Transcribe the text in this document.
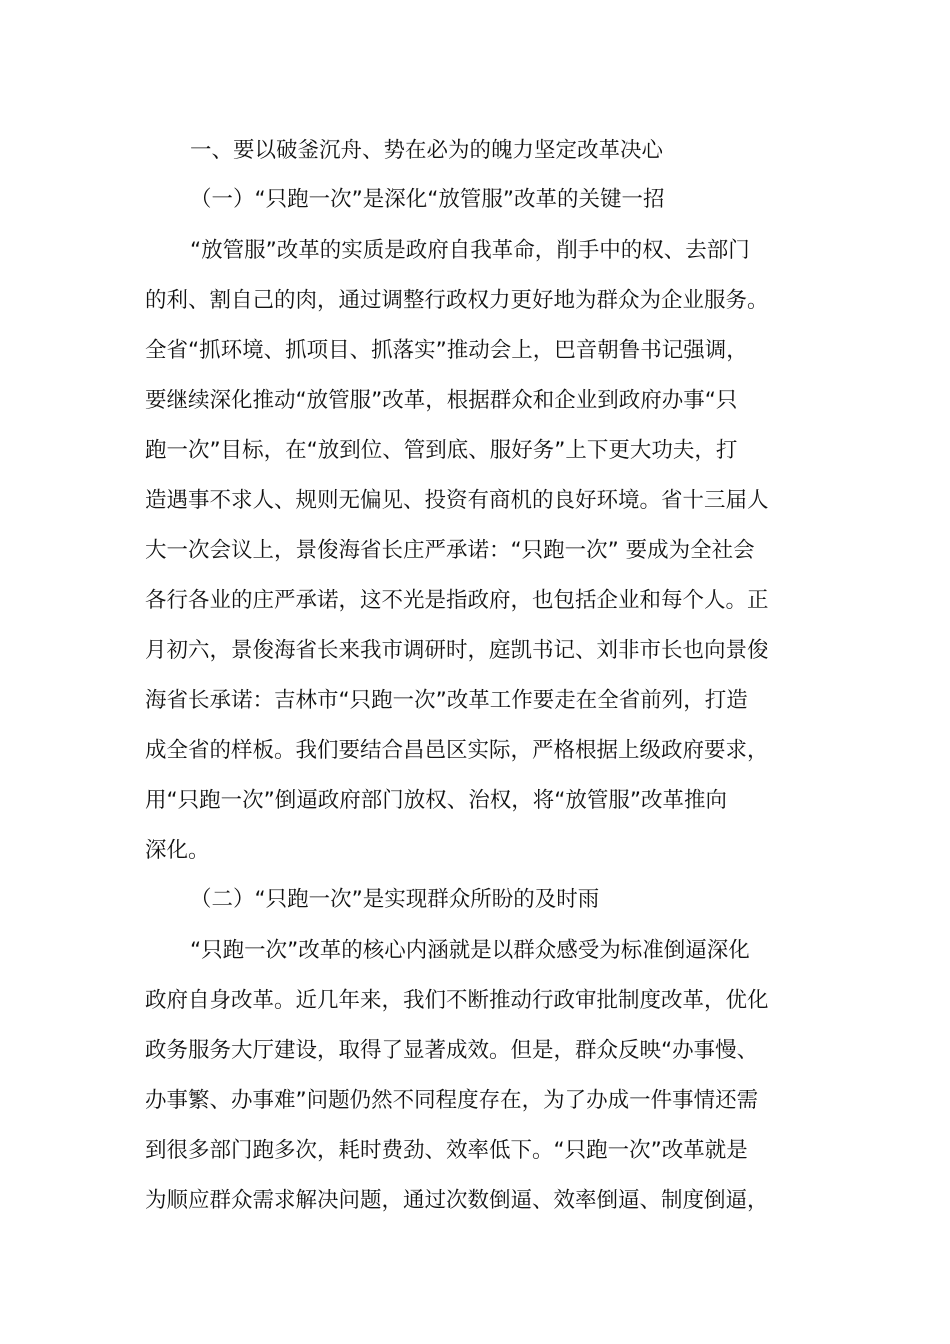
一、要以破釜沉舟、势在必为的魄力坚定改革决心
（一）“只跑一次”是深化“放管服”改革的关键一招
“放管服”改革的实质是政府自我革命，削手中的权、去部门
的利、割自己的肉，通过调整行政权力更好地为群众为企业服务。
全省“抓环境、抓项目、抓落实”推动会上，巴音朝鲁书记强调，
要继续深化推动“放管服”改革，根据群众和企业到政府办事“只
跑一次”目标，在“放到位、管到底、服好务”上下更大功夫，打
造遇事不求人、规则无偏见、投资有商机的良好环境。省十三届人
大一次会议上，景俊海省长庄严承诺：“只跑一次” 要成为全社会
各行各业的庄严承诺，这不光是指政府，也包括企业和每个人。正
月初六，景俊海省长来我市调研时，庭凯书记、刘非市长也向景俊
海省长承诺：吉林市“只跑一次”改革工作要走在全省前列，打造
成全省的样板。我们要结合昌邑区实际，严格根据上级政府要求，
用“只跑一次”倒逼政府部门放权、治权，将“放管服”改革推向
深化。
（二）“只跑一次”是实现群众所盼的及时雨
“只跑一次”改革的核心内涵就是以群众感受为标准倒逼深化
政府自身改革。近几年来，我们不断推动行政审批制度改革，优化
政务服务大厅建设，取得了显著成效。但是，群众反映“办事慢、
办事繁、办事难”问题仍然不同程度存在，为了办成一件事情还需
到很多部门跑多次，耗时费劲、效率低下。“只跑一次”改革就是
为顺应群众需求解决问题，通过次数倒逼、效率倒逼、制度倒逼，
